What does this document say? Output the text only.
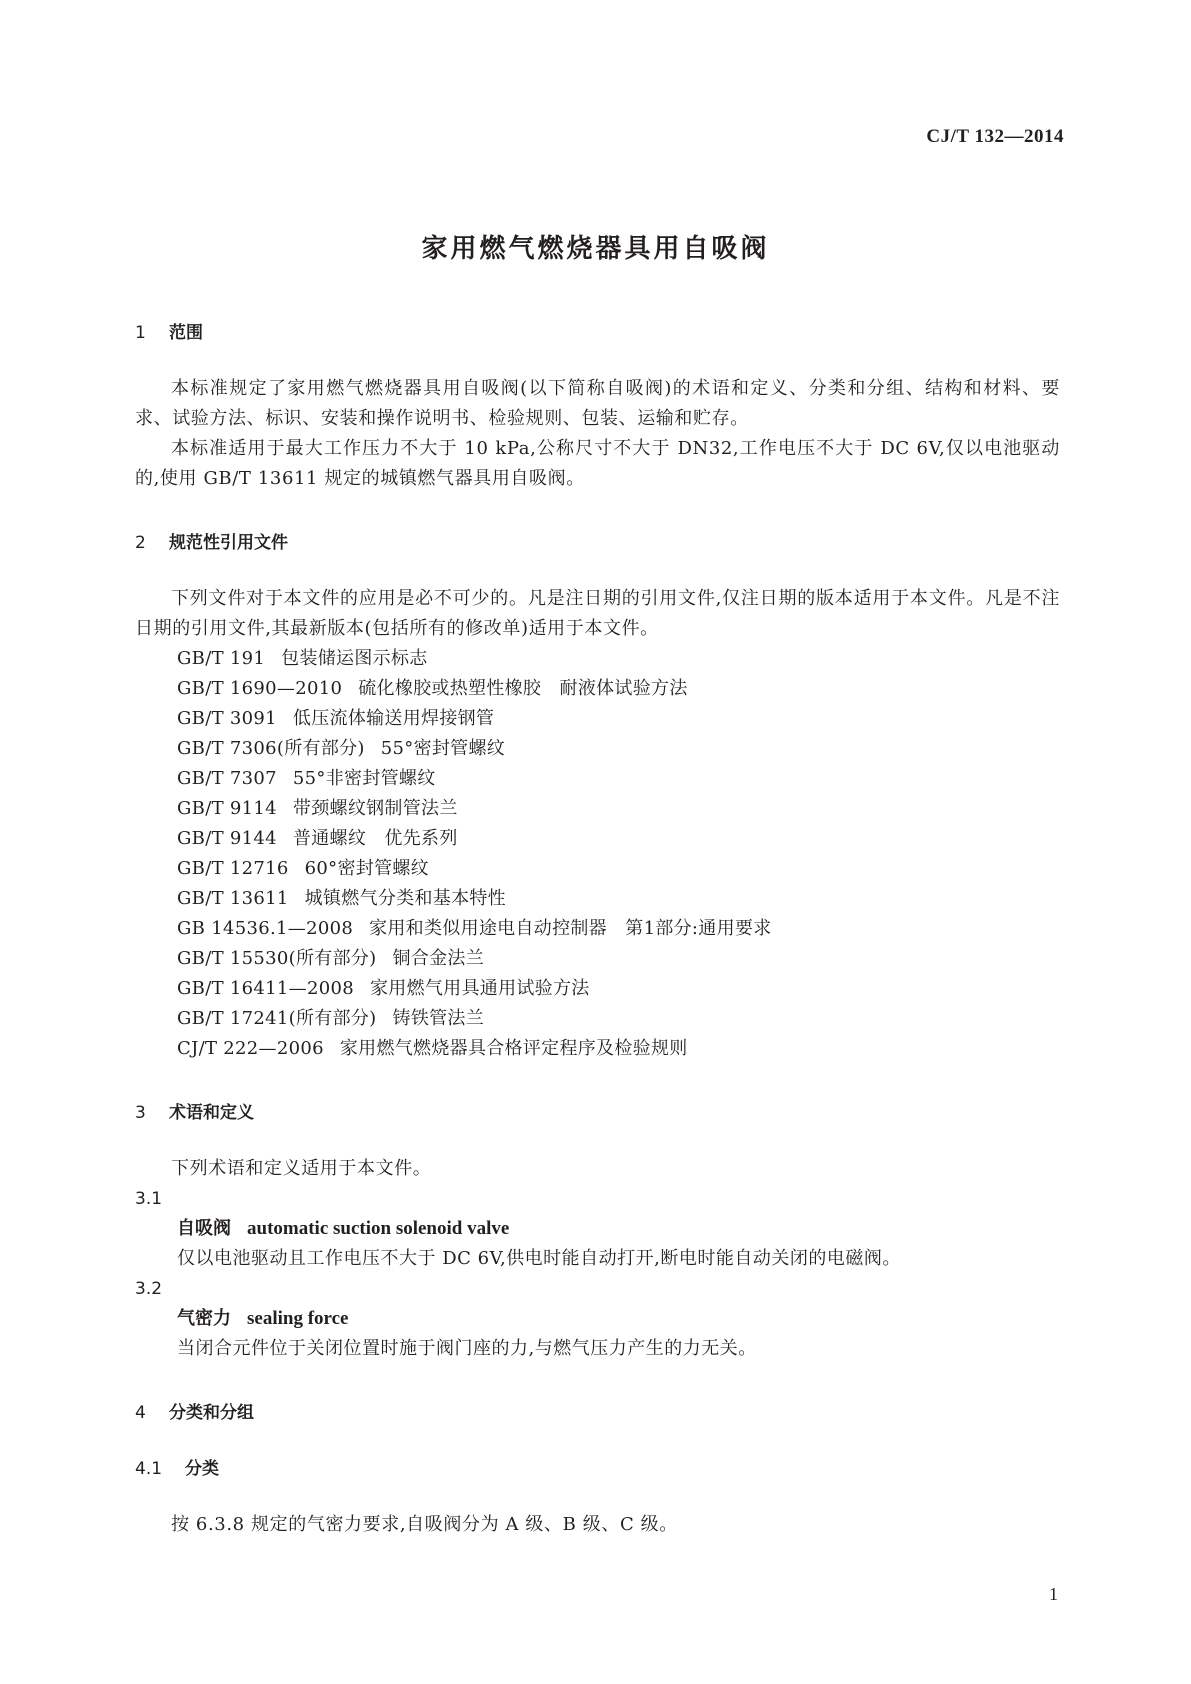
CJ/T 132—2014
家用燃气燃烧器具用自吸阀
1 范围
本标准规定了家用燃气燃烧器具用自吸阀(以下简称自吸阀)的术语和定义、分类和分组、结构和材料、要求、试验方法、标识、安装和操作说明书、检验规则、包装、运输和贮存。
本标准适用于最大工作压力不大于 10 kPa,公称尺寸不大于 DN32,工作电压不大于 DC 6V,仅以电池驱动的,使用 GB/T 13611 规定的城镇燃气器具用自吸阀。
2 规范性引用文件
下列文件对于本文件的应用是必不可少的。凡是注日期的引用文件,仅注日期的版本适用于本文件。凡是不注日期的引用文件,其最新版本(包括所有的修改单)适用于本文件。
GB/T 191 包装储运图示标志
GB/T 1690—2010 硫化橡胶或热塑性橡胶　耐液体试验方法
GB/T 3091 低压流体输送用焊接钢管
GB/T 7306(所有部分) 55°密封管螺纹
GB/T 7307 55°非密封管螺纹
GB/T 9114 带颈螺纹钢制管法兰
GB/T 9144 普通螺纹　优先系列
GB/T 12716 60°密封管螺纹
GB/T 13611 城镇燃气分类和基本特性
GB 14536.1—2008 家用和类似用途电自动控制器　第1部分:通用要求
GB/T 15530(所有部分) 铜合金法兰
GB/T 16411—2008 家用燃气用具通用试验方法
GB/T 17241(所有部分) 铸铁管法兰
CJ/T 222—2006 家用燃气燃烧器具合格评定程序及检验规则
3 术语和定义
下列术语和定义适用于本文件。
3.1
自吸阀 automatic suction solenoid valve
仅以电池驱动且工作电压不大于 DC 6V,供电时能自动打开,断电时能自动关闭的电磁阀。
3.2
气密力 sealing force
当闭合元件位于关闭位置时施于阀门座的力,与燃气压力产生的力无关。
4 分类和分组
4.1 分类
按 6.3.8 规定的气密力要求,自吸阀分为 A 级、B 级、C 级。
1
